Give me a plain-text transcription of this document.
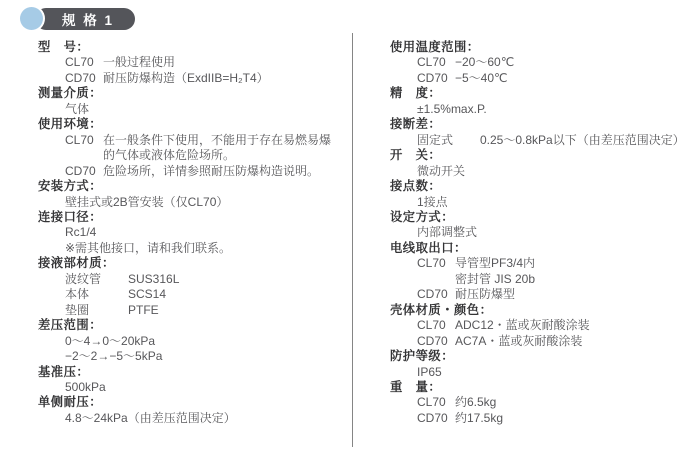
规 格 1
型　号：
CL70 一般过程使用
CD70 耐压防爆构造（ExdIIB=H₂T4）
测量介质：
气体
使用环境：
CL70 在一般条件下使用，不能用于存在易燃易爆
的气体或液体危险场所。
CD70 危险场所，详情参照耐压防爆构造说明。
安装方式：
壁挂式或2B管安装（仅CL70）
连接口径：
Rc1/4
※需其他接口，请和我们联系。
接液部材质：
波纹管	SUS316L
本体	SCS14
垫圈	PTFE
差压范围：
0～4→0～20kPa
−2～2→−5～5kPa
基准压：
500kPa
单侧耐压：
4.8～24kPa（由差压范围决定）
使用温度范围：
CL70 −20～60℃
CD70 −5～40℃
精　度：
±1.5%max.P.
接断差：
固定式	0.25～0.8kPa以下（由差压范围决定）
开　关：
微动开关
接点数：
1接点
设定方式：
内部调整式
电线取出口：
CL70 导管型PF3/4内
密封管 JIS 20b
CD70 耐压防爆型
壳体材质・颜色：
CL70 ADC12・蓝或灰耐酸涂装
CD70 AC7A・蓝或灰耐酸涂装
防护等级：
IP65
重　量：
CL70 约6.5kg
CD70 约17.5kg
